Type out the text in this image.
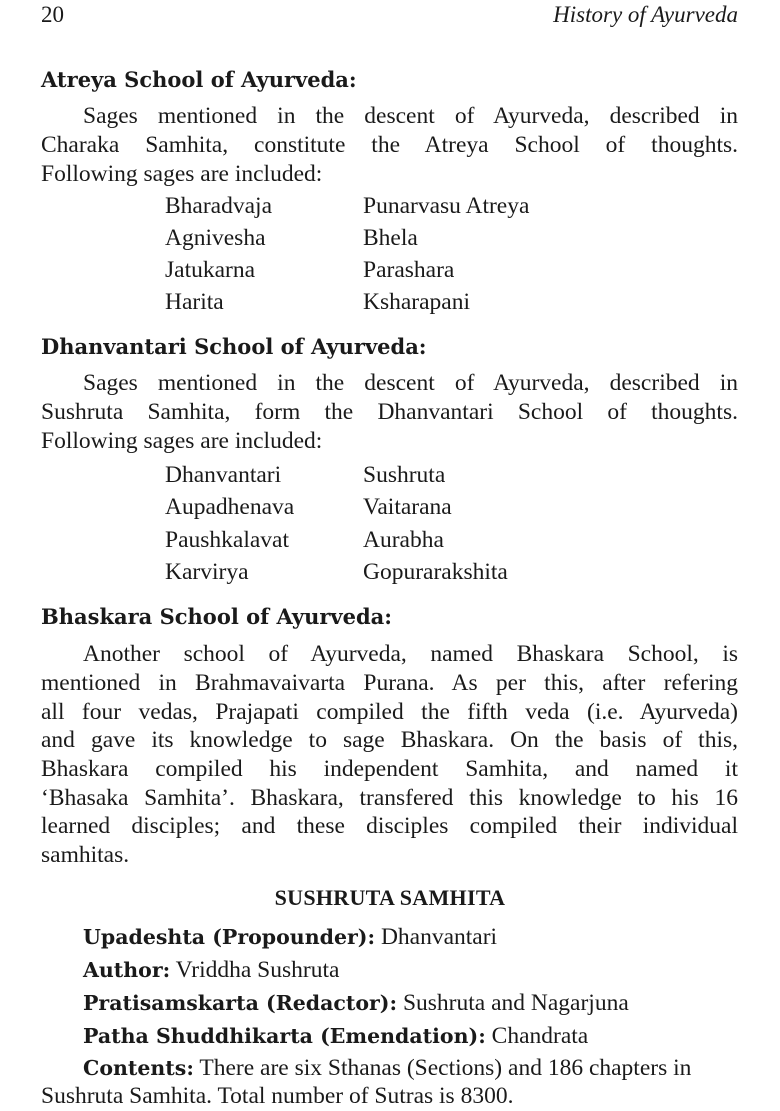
20	History of Ayurveda
Atreya School of Ayurveda:
Sages mentioned in the descent of Ayurveda, described in
Charaka Samhita, constitute the Atreya School of thoughts.
Following sages are included:
Bharadvaja	Punarvasu Atreya
Agnivesha	Bhela
Jatukarna	Parashara
Harita	Ksharapani
Dhanvantari School of Ayurveda:
Sages mentioned in the descent of Ayurveda, described in
Sushruta Samhita, form the Dhanvantari School of thoughts.
Following sages are included:
Dhanvantari	Sushruta
Aupadhenava	Vaitarana
Paushkalavat	Aurabha
Karvirya	Gopurarakshita
Bhaskara School of Ayurveda:
Another school of Ayurveda, named Bhaskara School, is
mentioned in Brahmavaivarta Purana. As per this, after refering
all four vedas, Prajapati compiled the fifth veda (i.e. Ayurveda)
and gave its knowledge to sage Bhaskara. On the basis of this,
Bhaskara compiled his independent Samhita, and named it
‘Bhasaka Samhita’. Bhaskara, transfered this knowledge to his 16
learned disciples; and these disciples compiled their individual
samhitas.
SUSHRUTA SAMHITA
Upadeshta (Propounder): Dhanvantari
Author: Vriddha Sushruta
Pratisamskarta (Redactor): Sushruta and Nagarjuna
Patha Shuddhikarta (Emendation): Chandrata
Contents: There are six Sthanas (Sections) and 186 chapters in
Sushruta Samhita. Total number of Sutras is 8300.
